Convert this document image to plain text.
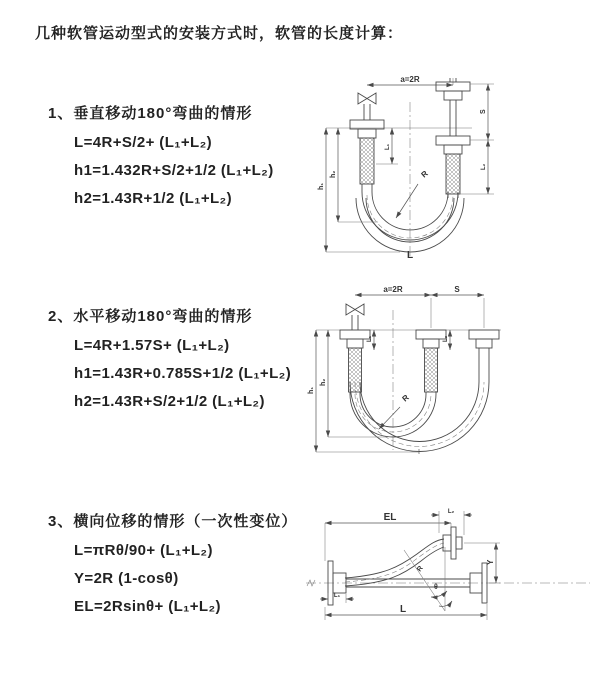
几种软管运动型式的安装方式时，软管的长度计算：
1、垂直移动180°弯曲的情形
L=4R+S/2+ (L₁+L₂)
h1=1.432R+S/2+1/2 (L₁+L₂)
h2=1.43R+1/2 (L₁+L₂)
2、水平移动180°弯曲的情形
L=4R+1.57S+ (L₁+L₂)
h1=1.43R+0.785S+1/2 (L₁+L₂)
h2=1.43R+S/2+1/2 (L₁+L₂)
3、横向位移的情形（一次性变位）
L=πRθ/90+ (L₁+L₂)
Y=2R (1-cosθ)
EL=2Rsinθ+ (L₁+L₂)
a=2R
R
L
h₁
h₂
L₁
S
L₂
a=2R	S
R
h₁
h₂
L₁	L₂
EL	L₂
θ
R
Y
L
L₁
